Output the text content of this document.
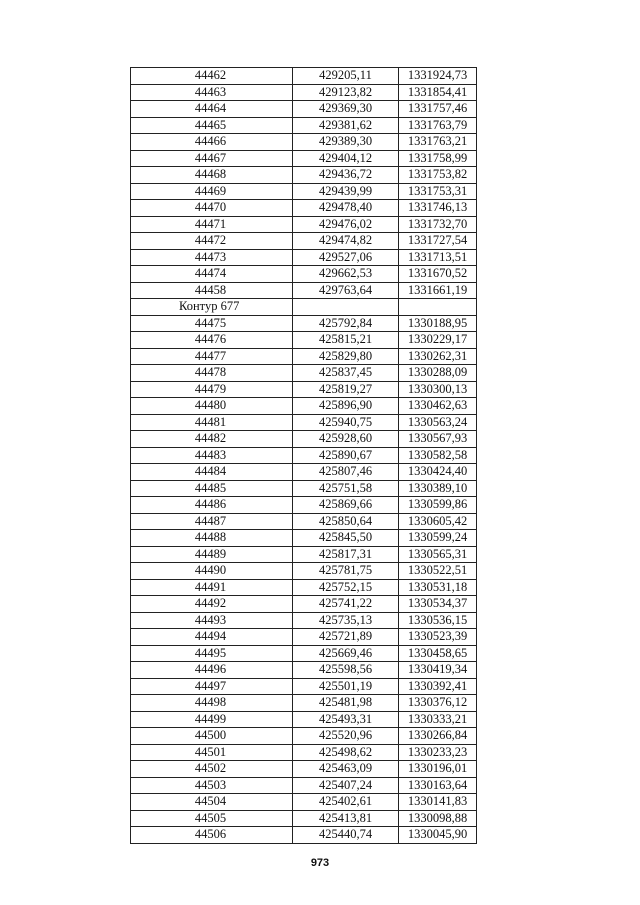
44462	429205,11	1331924,73
44463	429123,82	1331854,41
44464	429369,30	1331757,46
44465	429381,62	1331763,79
44466	429389,30	1331763,21
44467	429404,12	1331758,99
44468	429436,72	1331753,82
44469	429439,99	1331753,31
44470	429478,40	1331746,13
44471	429476,02	1331732,70
44472	429474,82	1331727,54
44473	429527,06	1331713,51
44474	429662,53	1331670,52
44458	429763,64	1331661,19
Контур 677		
44475	425792,84	1330188,95
44476	425815,21	1330229,17
44477	425829,80	1330262,31
44478	425837,45	1330288,09
44479	425819,27	1330300,13
44480	425896,90	1330462,63
44481	425940,75	1330563,24
44482	425928,60	1330567,93
44483	425890,67	1330582,58
44484	425807,46	1330424,40
44485	425751,58	1330389,10
44486	425869,66	1330599,86
44487	425850,64	1330605,42
44488	425845,50	1330599,24
44489	425817,31	1330565,31
44490	425781,75	1330522,51
44491	425752,15	1330531,18
44492	425741,22	1330534,37
44493	425735,13	1330536,15
44494	425721,89	1330523,39
44495	425669,46	1330458,65
44496	425598,56	1330419,34
44497	425501,19	1330392,41
44498	425481,98	1330376,12
44499	425493,31	1330333,21
44500	425520,96	1330266,84
44501	425498,62	1330233,23
44502	425463,09	1330196,01
44503	425407,24	1330163,64
44504	425402,61	1330141,83
44505	425413,81	1330098,88
44506	425440,74	1330045,90
973
